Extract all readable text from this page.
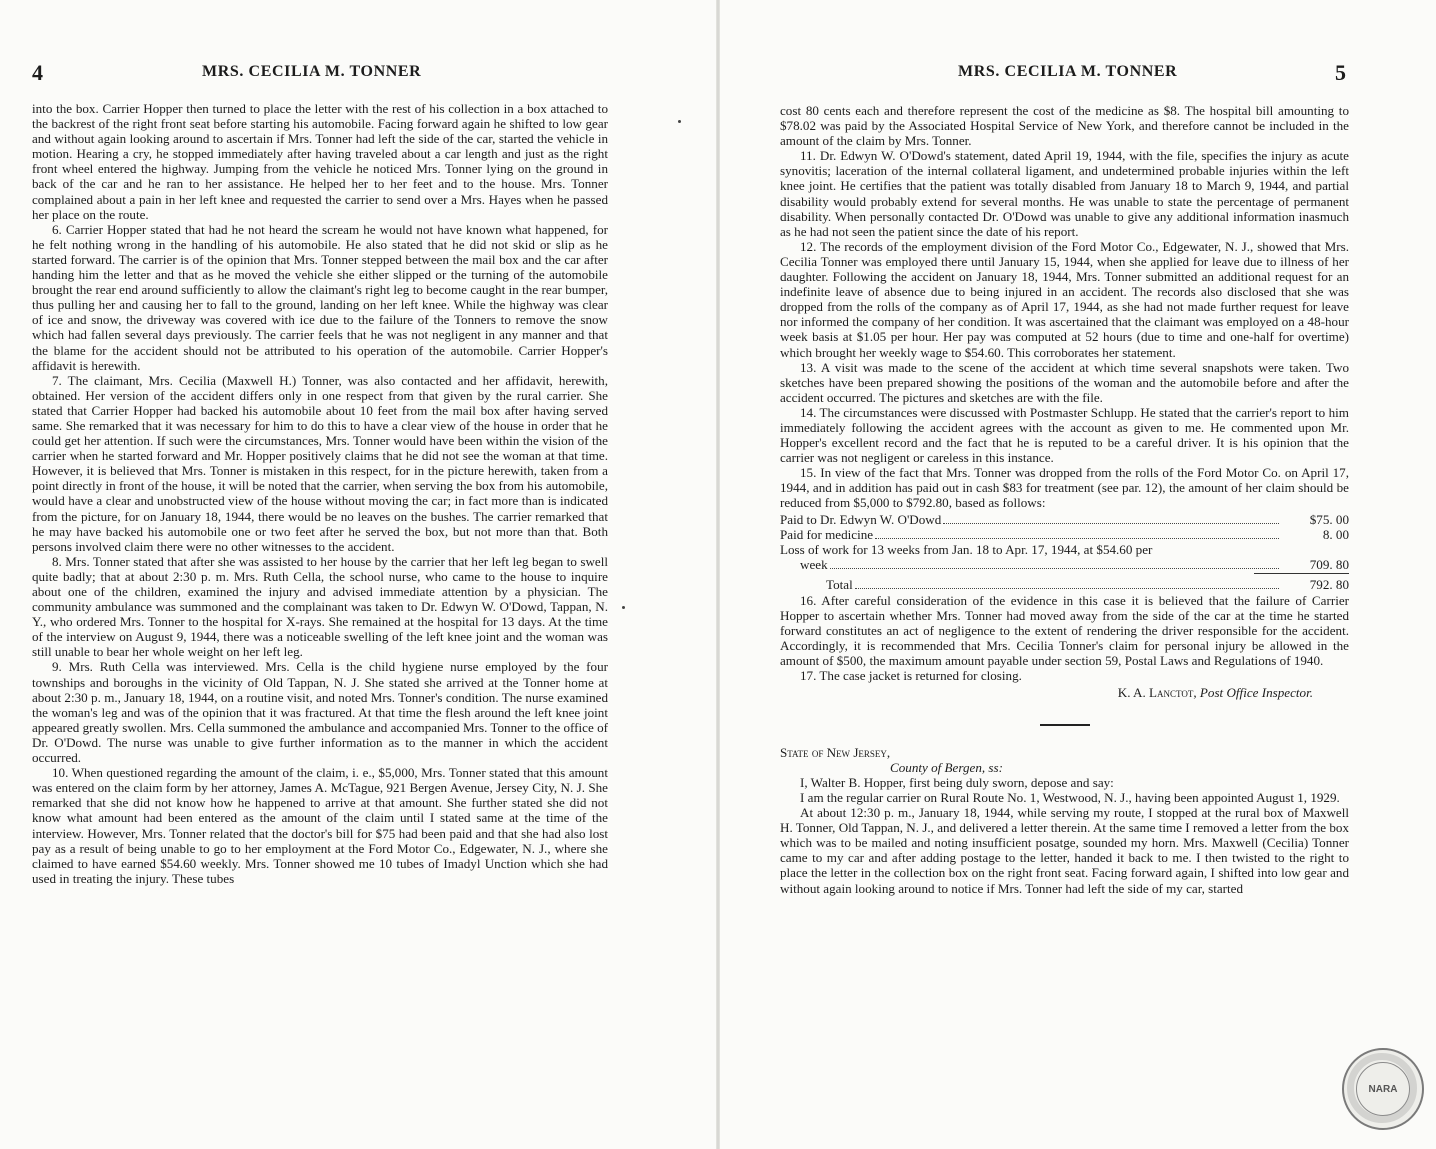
4	MRS. CECILIA M. TONNER

into the box. Carrier Hopper then turned to place the letter with the rest of his collection in a box attached to the backrest of the right front seat before starting his automobile. Facing forward again he shifted to low gear and without again looking around to ascertain if Mrs. Tonner had left the side of the car, started the vehicle in motion. Hearing a cry, he stopped immediately after having traveled about a car length and just as the right front wheel entered the highway. Jumping from the vehicle he noticed Mrs. Tonner lying on the ground in back of the car and he ran to her assistance. He helped her to her feet and to the house. Mrs. Tonner complained about a pain in her left knee and requested the carrier to send over a Mrs. Hayes when he passed her place on the route.

6. Carrier Hopper stated that had he not heard the scream he would not have known what happened, for he felt nothing wrong in the handling of his automobile. He also stated that he did not skid or slip as he started forward. The carrier is of the opinion that Mrs. Tonner stepped between the mail box and the car after handing him the letter and that as he moved the vehicle she either slipped or the turning of the automobile brought the rear end around sufficiently to allow the claimant's right leg to become caught in the rear bumper, thus pulling her and causing her to fall to the ground, landing on her left knee. While the highway was clear of ice and snow, the driveway was covered with ice due to the failure of the Tonners to remove the snow which had fallen several days previously. The carrier feels that he was not negligent in any manner and that the blame for the accident should not be attributed to his operation of the automobile. Carrier Hopper's affidavit is herewith.

7. The claimant, Mrs. Cecilia (Maxwell H.) Tonner, was also contacted and her affidavit, herewith, obtained. Her version of the accident differs only in one respect from that given by the rural carrier. She stated that Carrier Hopper had backed his automobile about 10 feet from the mail box after having served same. She remarked that it was necessary for him to do this to have a clear view of the house in order that he could get her attention. If such were the circumstances, Mrs. Tonner would have been within the vision of the carrier when he started forward and Mr. Hopper positively claims that he did not see the woman at that time. However, it is believed that Mrs. Tonner is mistaken in this respect, for in the picture herewith, taken from a point directly in front of the house, it will be noted that the carrier, when serving the box from his automobile, would have a clear and unobstructed view of the house without moving the car; in fact more than is indicated from the picture, for on January 18, 1944, there would be no leaves on the bushes. The carrier remarked that he may have backed his automobile one or two feet after he served the box, but not more than that. Both persons involved claim there were no other witnesses to the accident.

8. Mrs. Tonner stated that after she was assisted to her house by the carrier that her left leg began to swell quite badly; that at about 2:30 p. m. Mrs. Ruth Cella, the school nurse, who came to the house to inquire about one of the children, examined the injury and advised immediate attention by a physician. The community ambulance was summoned and the complainant was taken to Dr. Edwyn W. O'Dowd, Tappan, N. Y., who ordered Mrs. Tonner to the hospital for X-rays. She remained at the hospital for 13 days. At the time of the interview on August 9, 1944, there was a noticeable swelling of the left knee joint and the woman was still unable to bear her whole weight on her left leg.

9. Mrs. Ruth Cella was interviewed. Mrs. Cella is the child hygiene nurse employed by the four townships and boroughs in the vicinity of Old Tappan, N. J. She stated she arrived at the Tonner home at about 2:30 p. m., January 18, 1944, on a routine visit, and noted Mrs. Tonner's condition. The nurse examined the woman's leg and was of the opinion that it was fractured. At that time the flesh around the left knee joint appeared greatly swollen. Mrs. Cella summoned the ambulance and accompanied Mrs. Tonner to the office of Dr. O'Dowd. The nurse was unable to give further information as to the manner in which the accident occurred.

10. When questioned regarding the amount of the claim, i. e., $5,000, Mrs. Tonner stated that this amount was entered on the claim form by her attorney, James A. McTague, 921 Bergen Avenue, Jersey City, N. J. She remarked that she did not know how he happened to arrive at that amount. She further stated she did not know what amount had been entered as the amount of the claim until I stated same at the time of the interview. However, Mrs. Tonner related that the doctor's bill for $75 had been paid and that she had also lost pay as a result of being unable to go to her employment at the Ford Motor Co., Edgewater, N. J., where she claimed to have earned $54.60 weekly. Mrs. Tonner showed me 10 tubes of Imadyl Unction which she had used in treating the injury. These tubes

MRS. CECILIA M. TONNER	5

cost 80 cents each and therefore represent the cost of the medicine as $8. The hospital bill amounting to $78.02 was paid by the Associated Hospital Service of New York, and therefore cannot be included in the amount of the claim by Mrs. Tonner.

11. Dr. Edwyn W. O'Dowd's statement, dated April 19, 1944, with the file, specifies the injury as acute synovitis; laceration of the internal collateral ligament, and undetermined probable injuries within the left knee joint. He certifies that the patient was totally disabled from January 18 to March 9, 1944, and partial disability would probably extend for several months. He was unable to state the percentage of permanent disability. When personally contacted Dr. O'Dowd was unable to give any additional information inasmuch as he had not seen the patient since the date of his report.

12. The records of the employment division of the Ford Motor Co., Edgewater, N. J., showed that Mrs. Cecilia Tonner was employed there until January 15, 1944, when she applied for leave due to illness of her daughter. Following the accident on January 18, 1944, Mrs. Tonner submitted an additional request for an indefinite leave of absence due to being injured in an accident. The records also disclosed that she was dropped from the rolls of the company as of April 17, 1944, as she had not made further request for leave nor informed the company of her condition. It was ascertained that the claimant was employed on a 48-hour week basis at $1.05 per hour. Her pay was computed at 52 hours (due to time and one-half for overtime) which brought her weekly wage to $54.60. This corroborates her statement.

13. A visit was made to the scene of the accident at which time several snapshots were taken. Two sketches have been prepared showing the positions of the woman and the automobile before and after the accident occurred. The pictures and sketches are with the file.

14. The circumstances were discussed with Postmaster Schlupp. He stated that the carrier's report to him immediately following the accident agrees with the account as given to me. He commented upon Mr. Hopper's excellent record and the fact that he is reputed to be a careful driver. It is his opinion that the carrier was not negligent or careless in this instance.

15. In view of the fact that Mrs. Tonner was dropped from the rolls of the Ford Motor Co. on April 17, 1944, and in addition has paid out in cash $83 for treatment (see par. 12), the amount of her claim should be reduced from $5,000 to $792.80, based as follows:

Paid to Dr. Edwyn W. O'Dowd	$75. 00
Paid for medicine	8. 00
Loss of work for 13 weeks from Jan. 18 to Apr. 17, 1944, at $54.60 per
week	709. 80
Total	792. 80

16. After careful consideration of the evidence in this case it is believed that the failure of Carrier Hopper to ascertain whether Mrs. Tonner had moved away from the side of the car at the time he started forward constitutes an act of negligence to the extent of rendering the driver responsible for the accident. Accordingly, it is recommended that Mrs. Cecilia Tonner's claim for personal injury be allowed in the amount of $500, the maximum amount payable under section 59, Postal Laws and Regulations of 1940.

17. The case jacket is returned for closing.

K. A. Lanctot, Post Office Inspector.
State of New Jersey,
County of Bergen, ss:

I, Walter B. Hopper, first being duly sworn, depose and say:

I am the regular carrier on Rural Route No. 1, Westwood, N. J., having been appointed August 1, 1929.

At about 12:30 p. m., January 18, 1944, while serving my route, I stopped at the rural box of Maxwell H. Tonner, Old Tappan, N. J., and delivered a letter therein. At the same time I removed a letter from the box which was to be mailed and noting insufficient posatge, sounded my horn. Mrs. Maxwell (Cecilia) Tonner came to my car and after adding postage to the letter, handed it back to me. I then twisted to the right to place the letter in the collection box on the right front seat. Facing forward again, I shifted into low gear and without again looking around to notice if Mrs. Tonner had left the side of my car, started

NARA
